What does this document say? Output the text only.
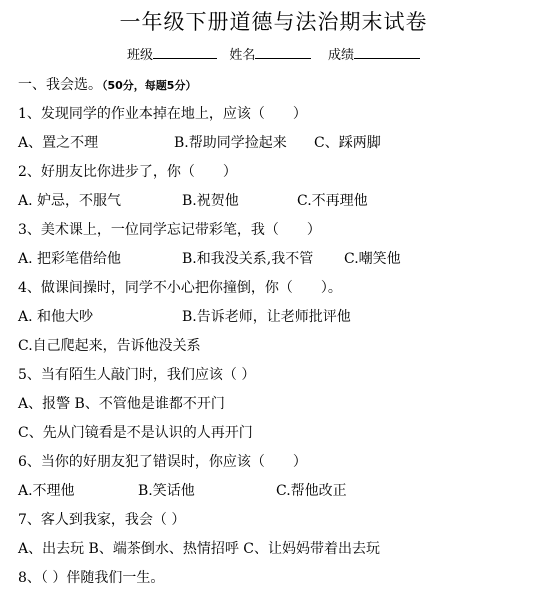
一年级下册道德与法治期末试卷
班级	姓名	成绩
一、我会选。（50分，每题5分）
1、发现同学的作业本掉在地上，应该（　　）
A、置之不理	B.帮助同学捡起来 C、踩两脚
2、好朋友比你进步了，你（　　）
A. 妒忌，不服气	B.祝贺他	C.不再理他
3、美术课上，一位同学忘记带彩笔，我（　　）
A. 把彩笔借给他	B.和我没关系,我不管 C.嘲笑他
4、做课间操时，同学不小心把你撞倒，你（　　）。
A. 和他大吵	B.告诉老师，让老师批评他
C.自己爬起来，告诉他没关系
5、当有陌生人敲门时，我们应该（ ）
A、报警 B、不管他是谁都不开门
C、先从门镜看是不是认识的人再开门
6、当你的好朋友犯了错误时，你应该（　　）
A.不理他	B.笑话他	C.帮他改正
7、客人到我家，我会（ ）
A、出去玩 B、端茶倒水、热情招呼 C、让妈妈带着出去玩
8、（ ）伴随我们一生。
